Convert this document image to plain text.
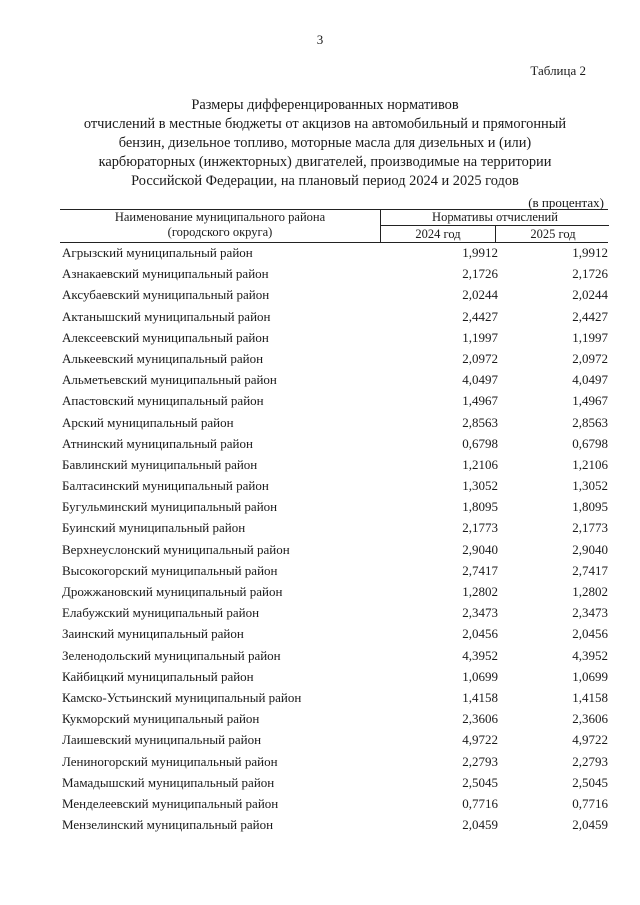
3
Таблица 2
Размеры дифференцированных нормативов
отчислений в местные бюджеты от акцизов на автомобильный и прямогонный
бензин, дизельное топливо, моторные масла для дизельных и (или)
карбюраторных (инжекторных) двигателей, производимые на территории
Российской Федерации, на плановый период 2024 и 2025 годов
(в процентах)
Наименование муниципального района
(городского округа)
Нормативы отчислений
2024 год	2025 год
Агрызский муниципальный район	1,9912	1,9912
Азнакаевский муниципальный район	2,1726	2,1726
Аксубаевский муниципальный район	2,0244	2,0244
Актанышский муниципальный район	2,4427	2,4427
Алексеевский муниципальный район	1,1997	1,1997
Алькеевский муниципальный район	2,0972	2,0972
Альметьевский муниципальный район	4,0497	4,0497
Апастовский муниципальный район	1,4967	1,4967
Арский муниципальный район	2,8563	2,8563
Атнинский муниципальный район	0,6798	0,6798
Бавлинский муниципальный район	1,2106	1,2106
Балтасинский муниципальный район	1,3052	1,3052
Бугульминский муниципальный район	1,8095	1,8095
Буинский муниципальный район	2,1773	2,1773
Верхнеуслонский муниципальный район	2,9040	2,9040
Высокогорский муниципальный район	2,7417	2,7417
Дрожжановский муниципальный район	1,2802	1,2802
Елабужский муниципальный район	2,3473	2,3473
Заинский муниципальный район	2,0456	2,0456
Зеленодольский муниципальный район	4,3952	4,3952
Кайбицкий муниципальный район	1,0699	1,0699
Камско-Устьинский муниципальный район	1,4158	1,4158
Кукморский муниципальный район	2,3606	2,3606
Лаишевский муниципальный район	4,9722	4,9722
Лениногорский муниципальный район	2,2793	2,2793
Мамадышский муниципальный район	2,5045	2,5045
Менделеевский муниципальный район	0,7716	0,7716
Мензелинский муниципальный район	2,0459	2,0459
